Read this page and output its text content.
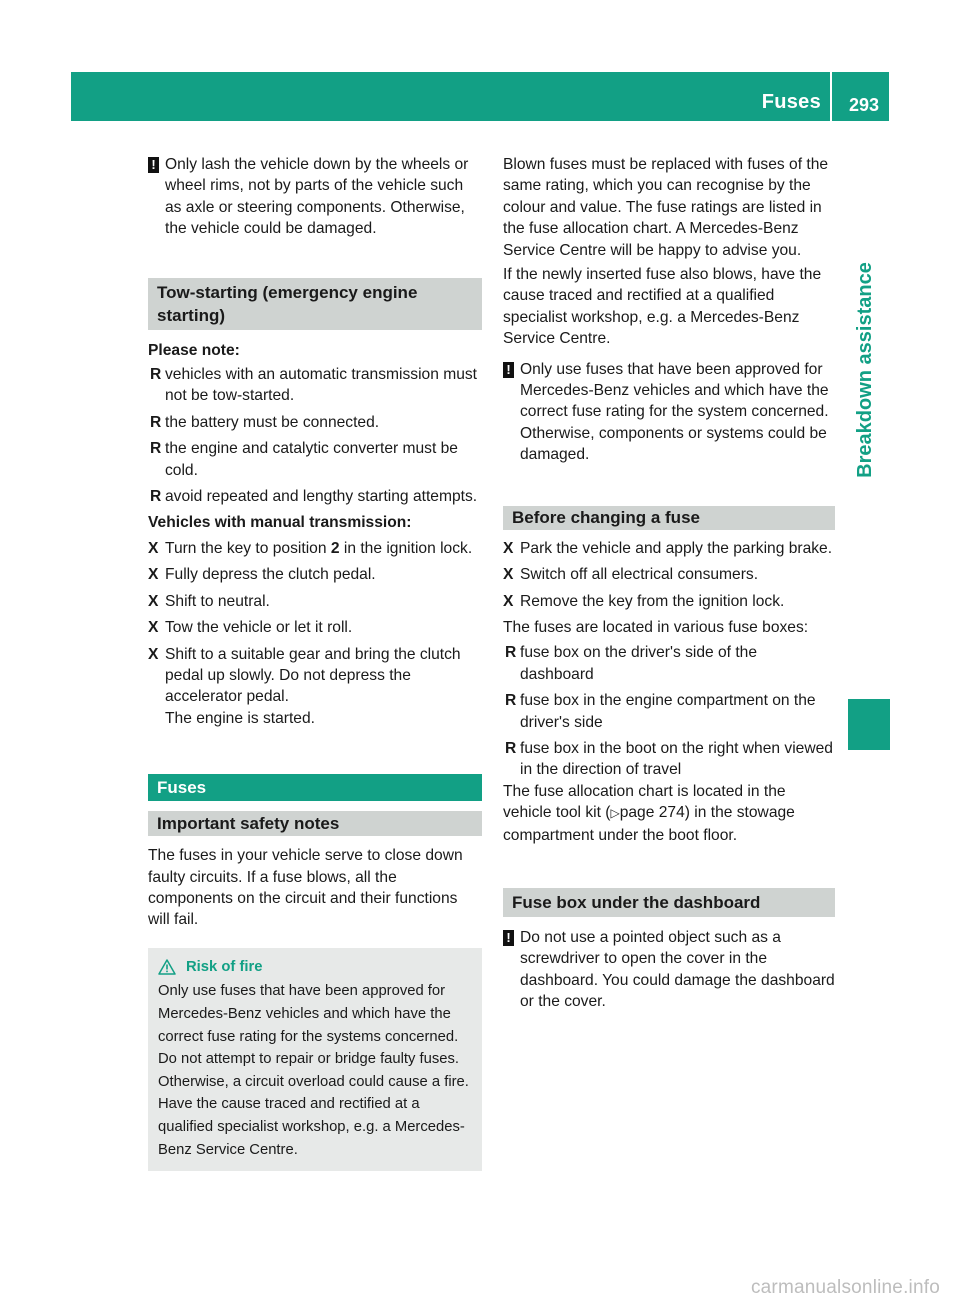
Fuses 293
Breakdown assistance
! Only lash the vehicle down by the wheels or wheel rims, not by parts of the vehicle such as axle or steering components. Otherwise, the vehicle could be damaged.
Tow-starting (emergency engine starting)

Please note:

R vehicles with an automatic transmission must not be tow-started.
R the battery must be connected.
R the engine and catalytic converter must be cold.
R avoid repeated and lengthy starting attempts.

Vehicles with manual transmission:

X Turn the key to position 2 in the ignition lock.
X Fully depress the clutch pedal.
X Shift to neutral.
X Tow the vehicle or let it roll.
X Shift to a suitable gear and bring the clutch pedal up slowly. Do not depress the accelerator pedal.
The engine is started.
Fuses
Important safety notes

The fuses in your vehicle serve to close down faulty circuits. If a fuse blows, all the components on the circuit and their functions will fail.

Risk of fire

Only use fuses that have been approved for Mercedes-Benz vehicles and which have the correct fuse rating for the systems concerned. Do not attempt to repair or bridge faulty fuses. Otherwise, a circuit overload could cause a fire. Have the cause traced and rectified at a qualified specialist workshop, e.g. a Mercedes-Benz Service Centre.

Blown fuses must be replaced with fuses of the same rating, which you can recognise by the colour and value. The fuse ratings are listed in the fuse allocation chart. A Mercedes-Benz Service Centre will be happy to advise you.

If the newly inserted fuse also blows, have the cause traced and rectified at a qualified specialist workshop, e.g. a Mercedes-Benz Service Centre.

! Only use fuses that have been approved for Mercedes-Benz vehicles and which have the correct fuse rating for the system concerned. Otherwise, components or systems could be damaged.
Before changing a fuse
X Park the vehicle and apply the parking brake.
X Switch off all electrical consumers.
X Remove the key from the ignition lock.

The fuses are located in various fuse boxes:

R fuse box on the driver's side of the dashboard
R fuse box in the engine compartment on the driver's side
R fuse box in the boot on the right when viewed in the direction of travel

The fuse allocation chart is located in the vehicle tool kit (▷page 274) in the stowage compartment under the boot floor.

Fuse box under the dashboard
! Do not use a pointed object such as a screwdriver to open the cover in the dashboard. You could damage the dashboard or the cover.
carmanualsonline.info
